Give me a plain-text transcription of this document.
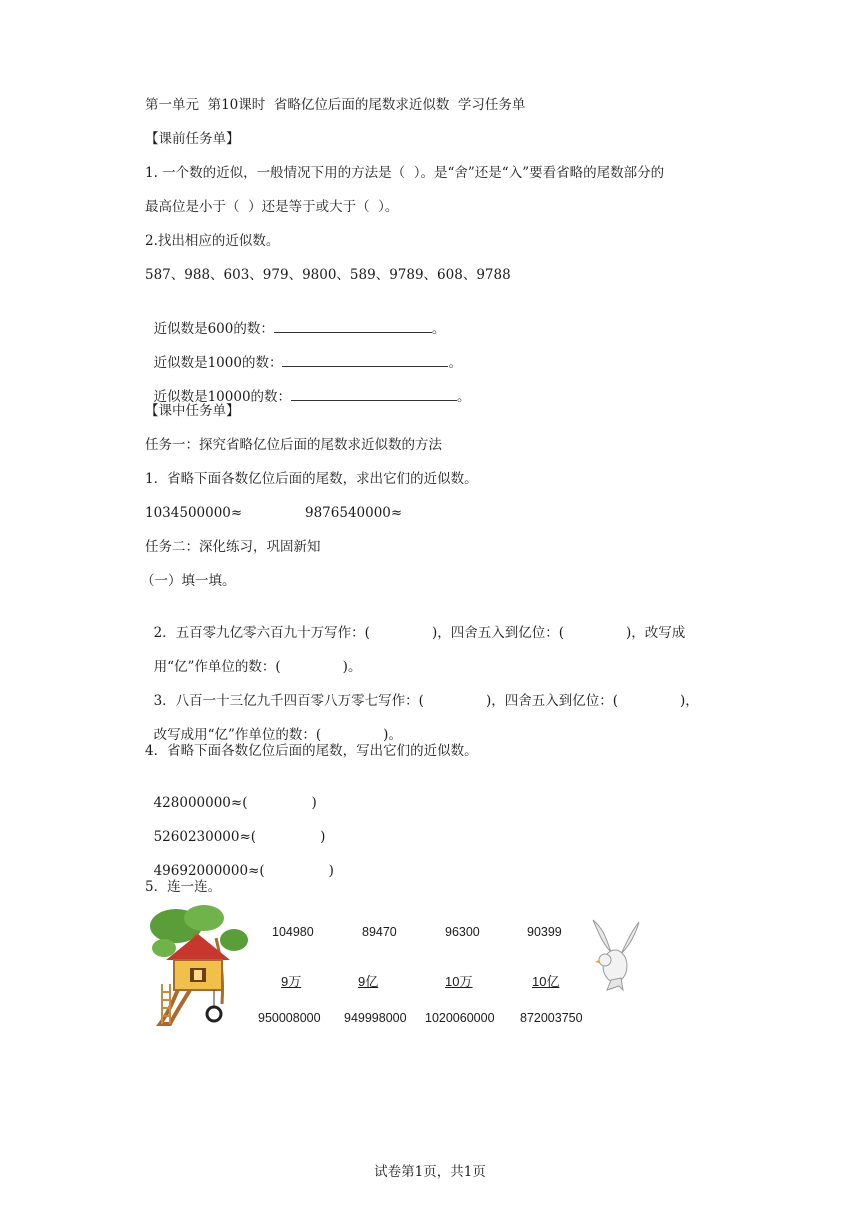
第一单元  第10课时  省略亿位后面的尾数求近似数  学习任务单
【课前任务单】
1. 一个数的近似，一般情况下用的方法是（  ）。是“舍”还是“入”要看省略的尾数部分的
最高位是小于（  ）还是等于或大于（  ）。
2.找出相应的近似数。
587、988、603、979、9800、589、9789、608、9788

近似数是600的数：	。

近似数是1000的数：	。

近似数是10000的数：	。

【课中任务单】
任务一：探究省略亿位后面的尾数求近似数的方法
1．省略下面各数亿位后面的尾数，求出它们的近似数。
1034500000≈	9876540000≈
任务二：深化练习，巩固新知
（一）填一填。

2．五百零九亿零六百九十万写作：(	)，四舍五入到亿位：(	)，改写成

用“亿”作单位的数：(	)。

3．八百一十三亿九千四百零八万零七写作：(	)，四舍五入到亿位：(	)，

改写成用“亿”作单位的数：(	)。

4．省略下面各数亿位后面的尾数，写出它们的近似数。

428000000≈(	)

5260230000≈(	)

49692000000≈(	)

5．连一连。
104980	89470	96300	90399
9万	9亿	10万	10亿
950008000 949998000 1020060000 872003750
试卷第1页，共1页
